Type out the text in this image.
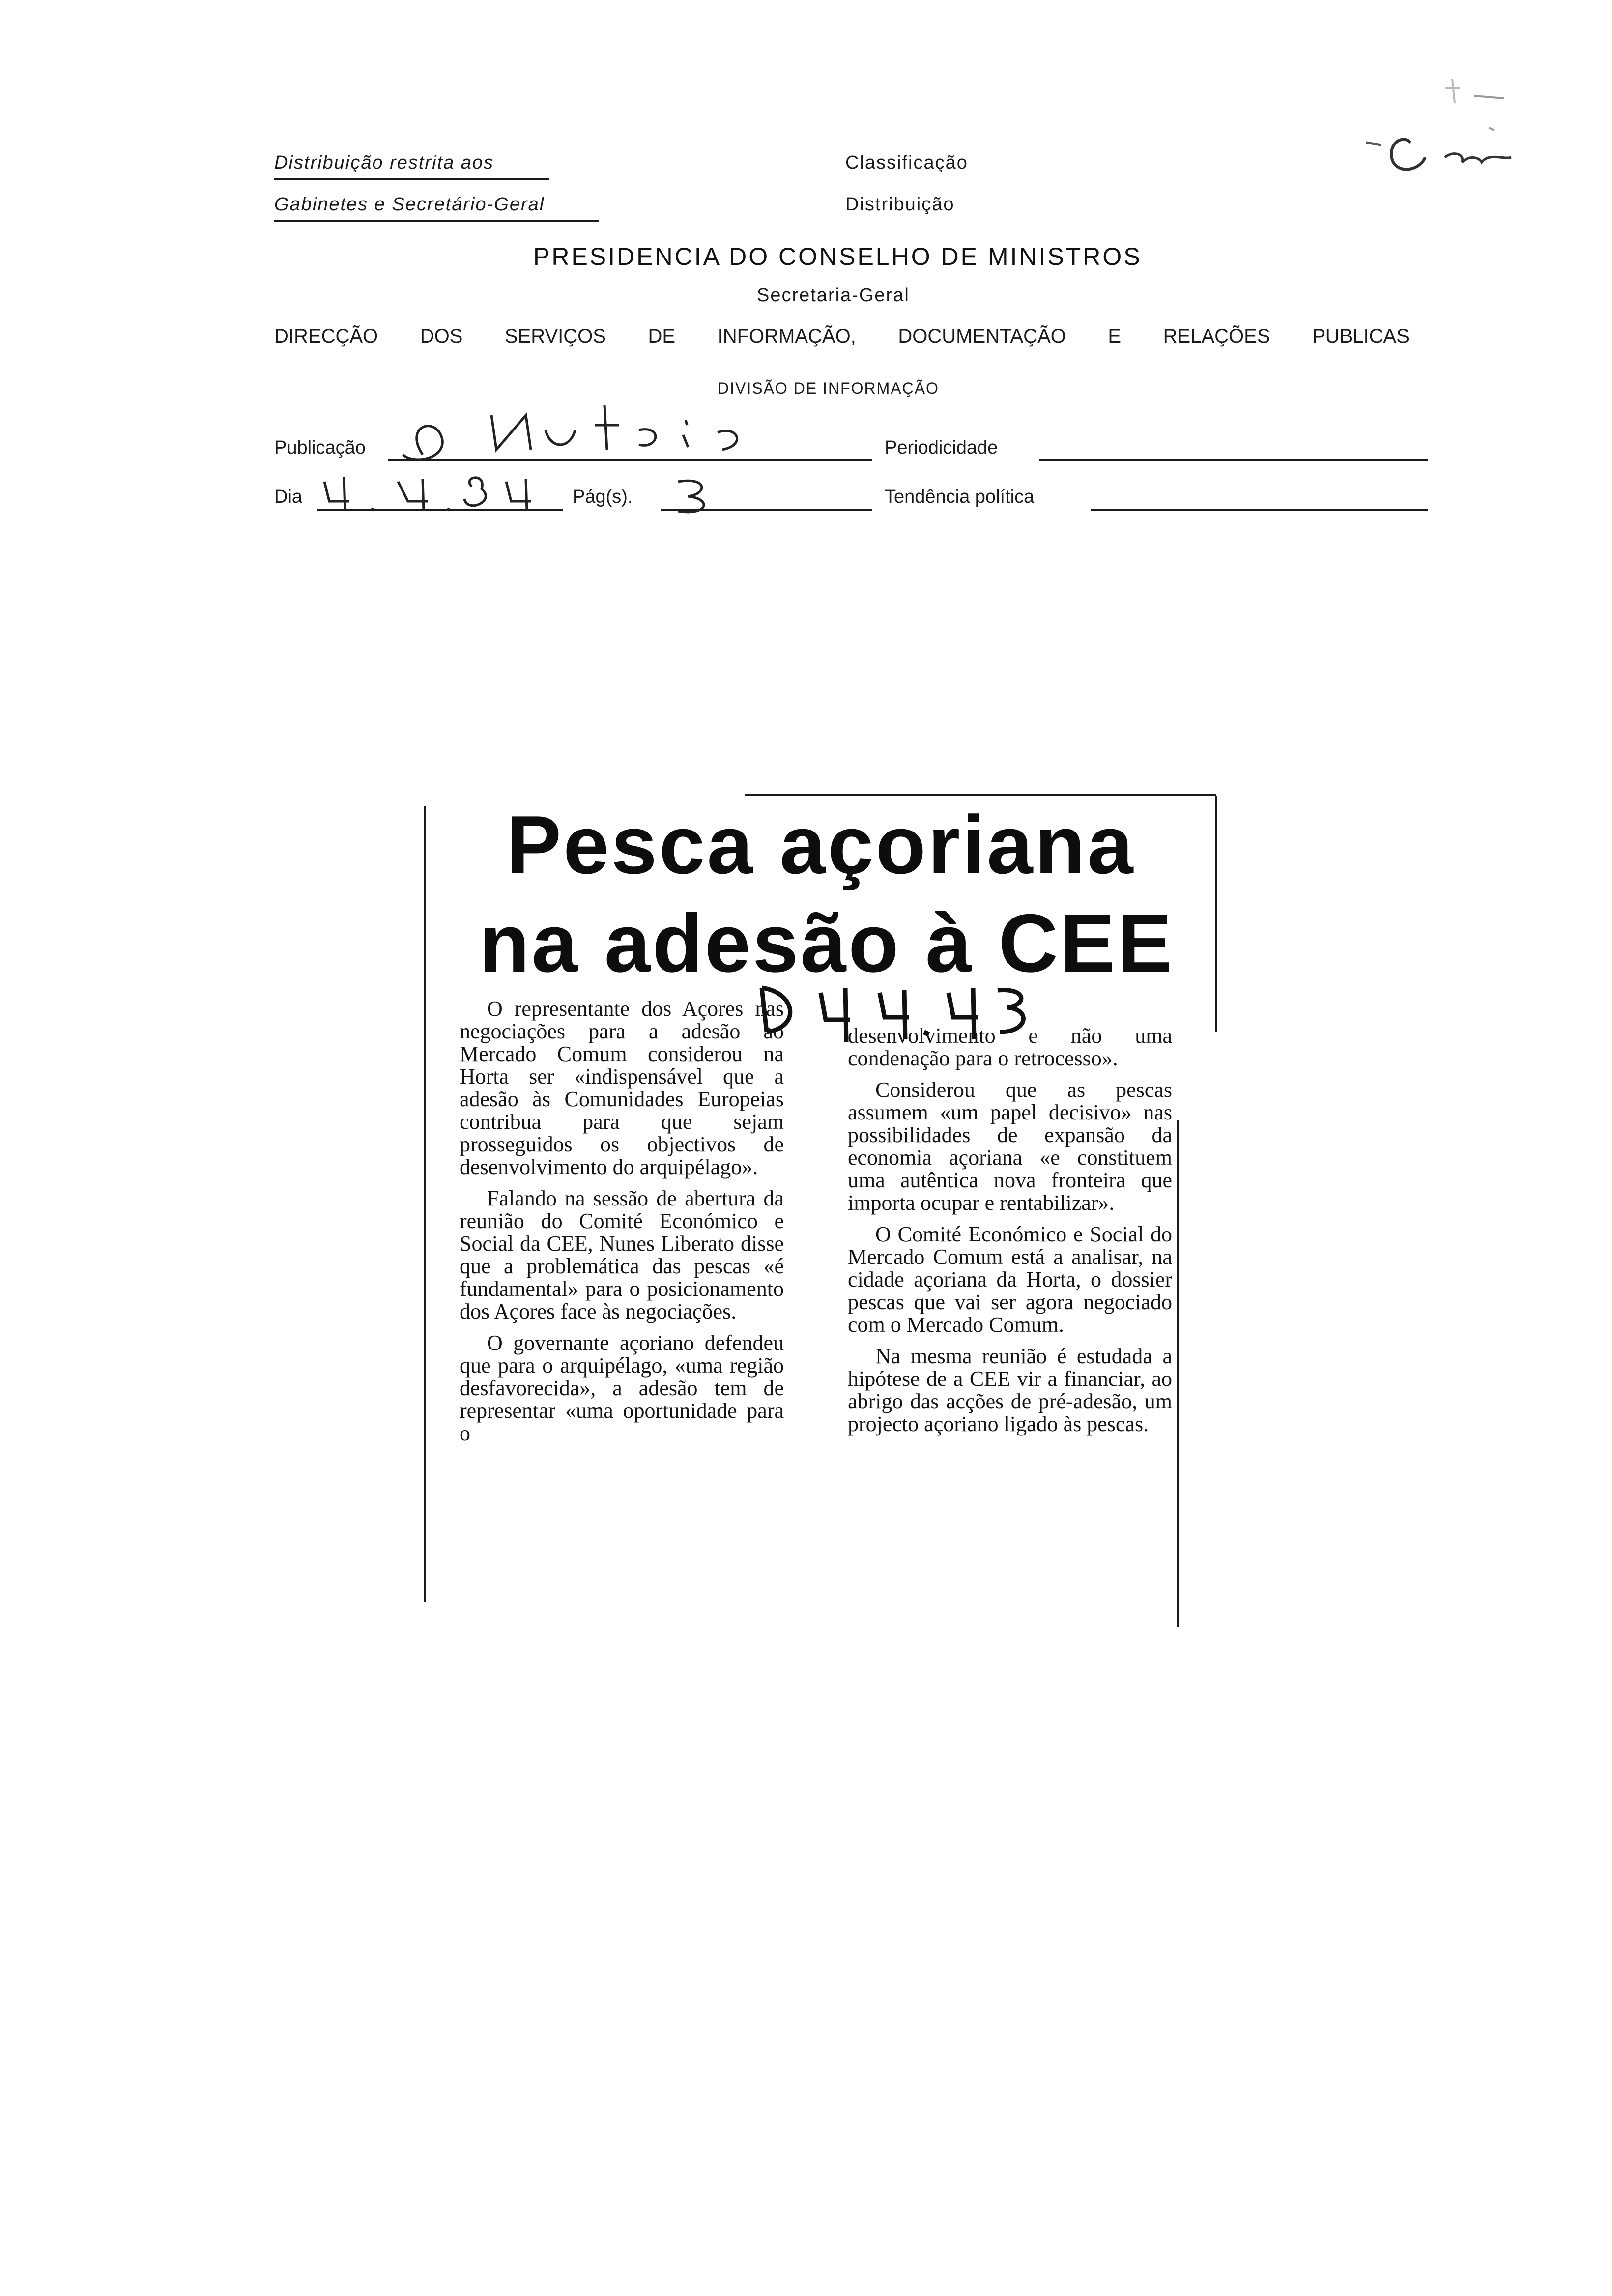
Distribuição restrita aos
Gabinetes e Secretário-Geral
Classificação
Distribuição
PRESIDENCIA DO CONSELHO DE MINISTROS
Secretaria-Geral
DIRECÇÃO DOS SERVIÇOS DE INFORMAÇÃO, DOCUMENTAÇÃO E RELAÇÕES PUBLICAS
DIVISÃO DE INFORMAÇÃO
Publicação	Periodicidade
Dia	Pág(s).	Tendência política
Pesca açoriana
na adesão à CEE

O representante dos Açores nas negociações para a adesão ao Mercado Comum considerou na Horta ser «indispensável que a adesão às Comunidades Europeias contribua para que sejam prosseguidos os objectivos de desenvolvimento do arquipélago».

Falando na sessão de abertura da reunião do Comité Económico e Social da CEE, Nunes Liberato disse que a problemática das pescas «é fundamental» para o posicionamento dos Açores face às negociações.

O governante açoriano defendeu que para o arquipélago, «uma região desfavorecida», a adesão tem de representar «uma oportunidade para o

desenvolvimento e não uma condenação para o retrocesso».

Considerou que as pescas assumem «um papel decisivo» nas possibilidades de expansão da economia açoriana «e constituem uma autêntica nova fronteira que importa ocupar e rentabilizar».

O Comité Económico e Social do Mercado Comum está a analisar, na cidade açoriana da Horta, o dossier pescas que vai ser agora negociado com o Mercado Comum.

Na mesma reunião é estudada a hipótese de a CEE vir a financiar, ao abrigo das acções de pré-adesão, um projecto açoriano ligado às pescas.
